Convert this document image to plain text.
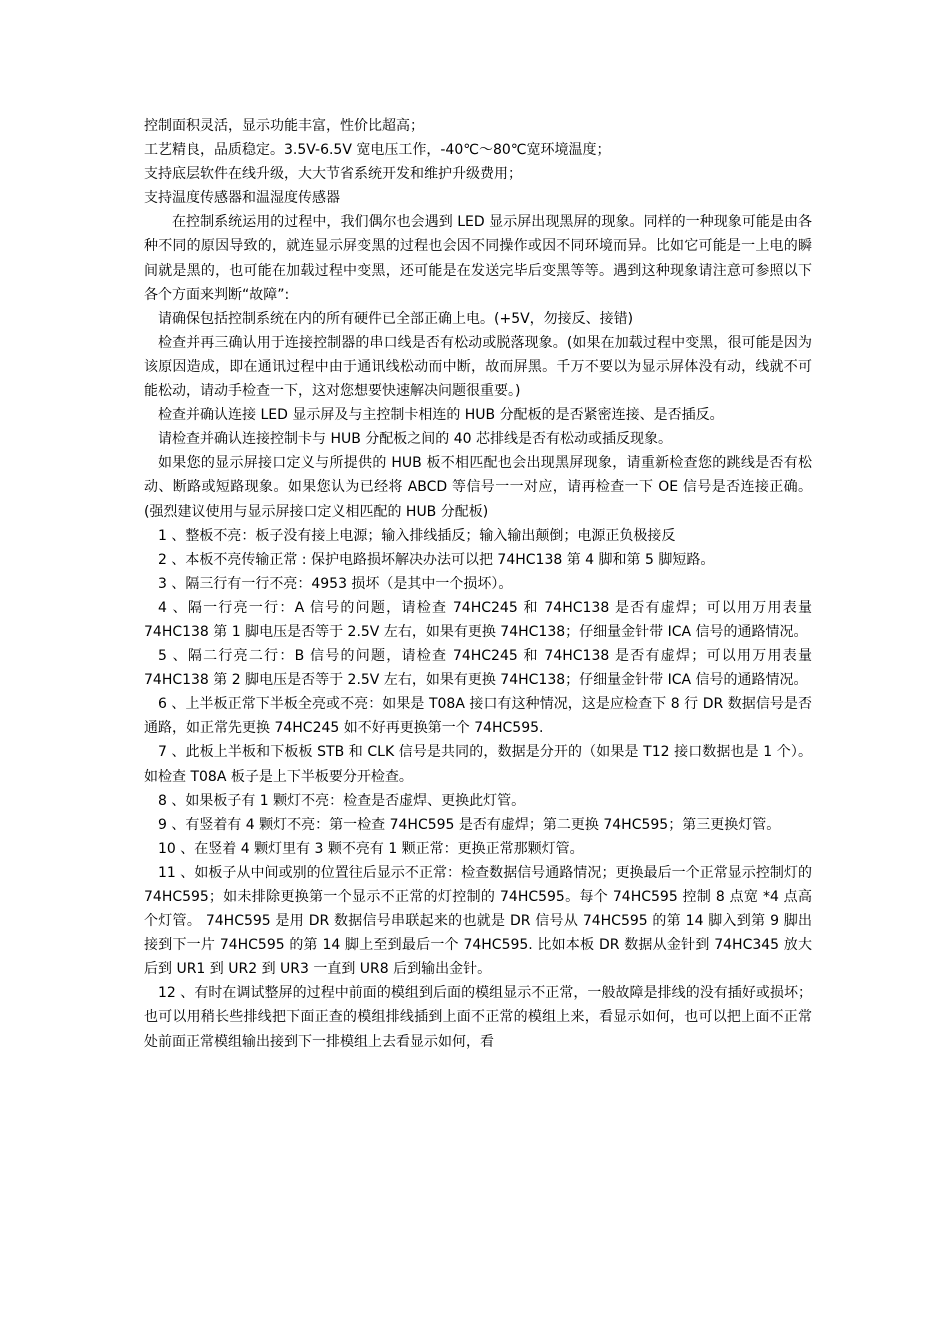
控制面积灵活，显示功能丰富，性价比超高；

工艺精良，品质稳定。3.5V-6.5V 宽电压工作，-40℃～80℃宽环境温度；

支持底层软件在线升级，大大节省系统开发和维护升级费用；

支持温度传感器和温湿度传感器

在控制系统运用的过程中，我们偶尔也会遇到 LED 显示屏出现黑屏的现象。同样的一种现象可能是由各种不同的原因导致的，就连显示屏变黑的过程也会因不同操作或因不同环境而异。比如它可能是一上电的瞬间就是黑的，也可能在加载过程中变黑，还可能是在发送完毕后变黑等等。遇到这种现象请注意可参照以下各个方面来判断“故障”:

请确保包括控制系统在内的所有硬件已全部正确上电。(+5V，勿接反、接错)

检查并再三确认用于连接控制器的串口线是否有松动或脱落现象。(如果在加载过程中变黑，很可能是因为该原因造成，即在通讯过程中由于通讯线松动而中断，故而屏黑。千万不要以为显示屏体没有动，线就不可能松动，请动手检查一下，这对您想要快速解决问题很重要。)

检查并确认连接 LED 显示屏及与主控制卡相连的 HUB 分配板的是否紧密连接、是否插反。

请检查并确认连接控制卡与 HUB 分配板之间的 40 芯排线是否有松动或插反现象。

如果您的显示屏接口定义与所提供的 HUB 板不相匹配也会出现黑屏现象，请重新检查您的跳线是否有松动、断路或短路现象。如果您认为已经将 ABCD 等信号一一对应，请再检查一下 OE 信号是否连接正确。(强烈建议使用与显示屏接口定义相匹配的 HUB 分配板)

1 、整板不亮：板子没有接上电源；输入排线插反；输入输出颠倒；电源正负极接反

2 、本板不亮传输正常 : 保护电路损坏解决办法可以把 74HC138 第 4 脚和第 5 脚短路。

3 、隔三行有一行不亮：4953 损坏（是其中一个损坏）。

4 、隔一行亮一行：A 信号的问题，请检查 74HC245 和 74HC138 是否有虚焊；可以用万用表量 74HC138 第 1 脚电压是否等于 2.5V 左右，如果有更换 74HC138；仔细量金针带 ICA 信号的通路情况。

5 、隔二行亮二行：B 信号的问题，请检查 74HC245 和 74HC138 是否有虚焊；可以用万用表量 74HC138 第 2 脚电压是否等于 2.5V 左右，如果有更换 74HC138；仔细量金针带 ICA 信号的通路情况。

6 、上半板正常下半板全亮或不亮：如果是 T08A 接口有这种情况，这是应检查下 8 行 DR 数据信号是否通路，如正常先更换 74HC245 如不好再更换第一个 74HC595.

7 、此板上半板和下板板 STB 和 CLK 信号是共同的，数据是分开的（如果是 T12 接口数据也是 1 个）。如检查 T08A 板子是上下半板要分开检查。

8 、如果板子有 1 颗灯不亮：检查是否虚焊、更换此灯管。

9 、有竖着有 4 颗灯不亮：第一检查 74HC595 是否有虚焊；第二更换 74HC595；第三更换灯管。

10 、在竖着 4 颗灯里有 3 颗不亮有 1 颗正常：更换正常那颗灯管。

11 、如板子从中间或别的位置往后显示不正常：检查数据信号通路情况；更换最后一个正常显示控制灯的 74HC595；如未排除更换第一个显示不正常的灯控制的 74HC595。每个 74HC595 控制 8 点宽 *4 点高个灯管。 74HC595 是用 DR 数据信号串联起来的也就是 DR 信号从 74HC595 的第 14 脚入到第 9 脚出接到下一片 74HC595 的第 14 脚上至到最后一个 74HC595. 比如本板 DR 数据从金针到 74HC345 放大后到 UR1 到 UR2 到 UR3 一直到 UR8 后到输出金针。

12 、有时在调试整屏的过程中前面的模组到后面的模组显示不正常，一般故障是排线的没有插好或损坏；也可以用稍长些排线把下面正查的模组排线插到上面不正常的模组上来，看显示如何，也可以把上面不正常处前面正常模组输出接到下一排模组上去看显示如何，看
